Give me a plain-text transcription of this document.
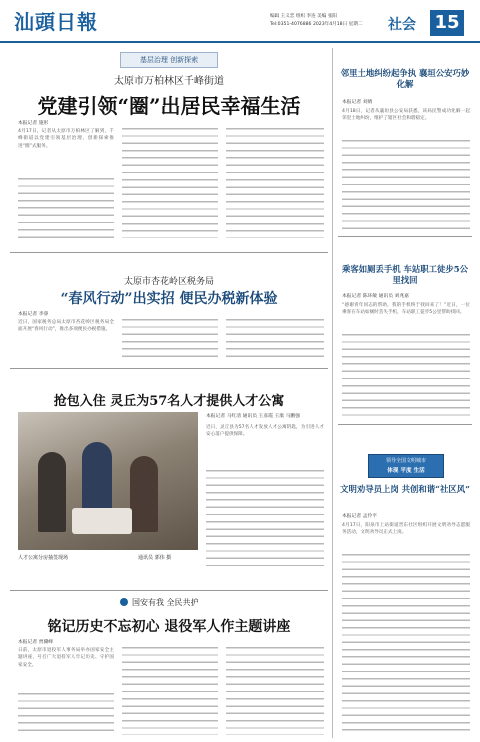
汕頭日報	编辑 王义恋 组织 李连 美编 张阳
Tel:0351-4076886 2023年4月18日 星期二 社会 15
基层治理 创新探索
太原市万柏林区千峰街道
党建引领“圈”出居民幸福生活
本报记者 施彤
4月17日，记者从太原市万柏林区了解到，千峰街道以党建引领基层治理，创新探索推进“圈”式服务。
太原市杏花岭区税务局
“春风行动”出实招 便民办税新体验
本报记者 李睿
近日，国家税务总局太原市杏花岭区税务局全面开展“春风行动”，推出多项便民办税措施。
抢包入住 灵丘为57名人才提供人才公寓
人才公寓分房抽签现场	通讯员 郭伟 摄
本报记者 马红清 通讯员 王彦霞 王康 马鹏强
近日，灵丘县为57名人才发放人才公寓钥匙，为引进人才安心落户提供保障。
国安有我 全民共护
铭记历史不忘初心 退役军人作主题讲座
本报记者 贾骥峰
日前，太原市退役军人事务局举办国家安全主题讲座，号召广大退役军人牢记历史、守护国家安全。
邻里土地纠纷起争执 襄垣公安巧妙化解
本报记者 刘婧
4月18日，记者从襄垣县公安局获悉，该局民警成功化解一起邻里土地纠纷，维护了辖区社会和谐稳定。
乘客如厕丢手机 车站职工徒步5公里找回
本报记者 陈环敏 通讯员 刘兆嘉
“感谢青年同志的帮助，我的手机终于找回来了！”近日，一位乘客在车站如厕时丢失手机，车站职工徒步5公里帮助找回。
领导全国文明城市
体现 平度 生活
文明劝导员上岗 共创和谐“社区风”
本报记者 孟伶平
4月17日，阳泉市上站街道晋东社区组织开展文明劝导志愿服务活动，文明劝导员正式上岗。
